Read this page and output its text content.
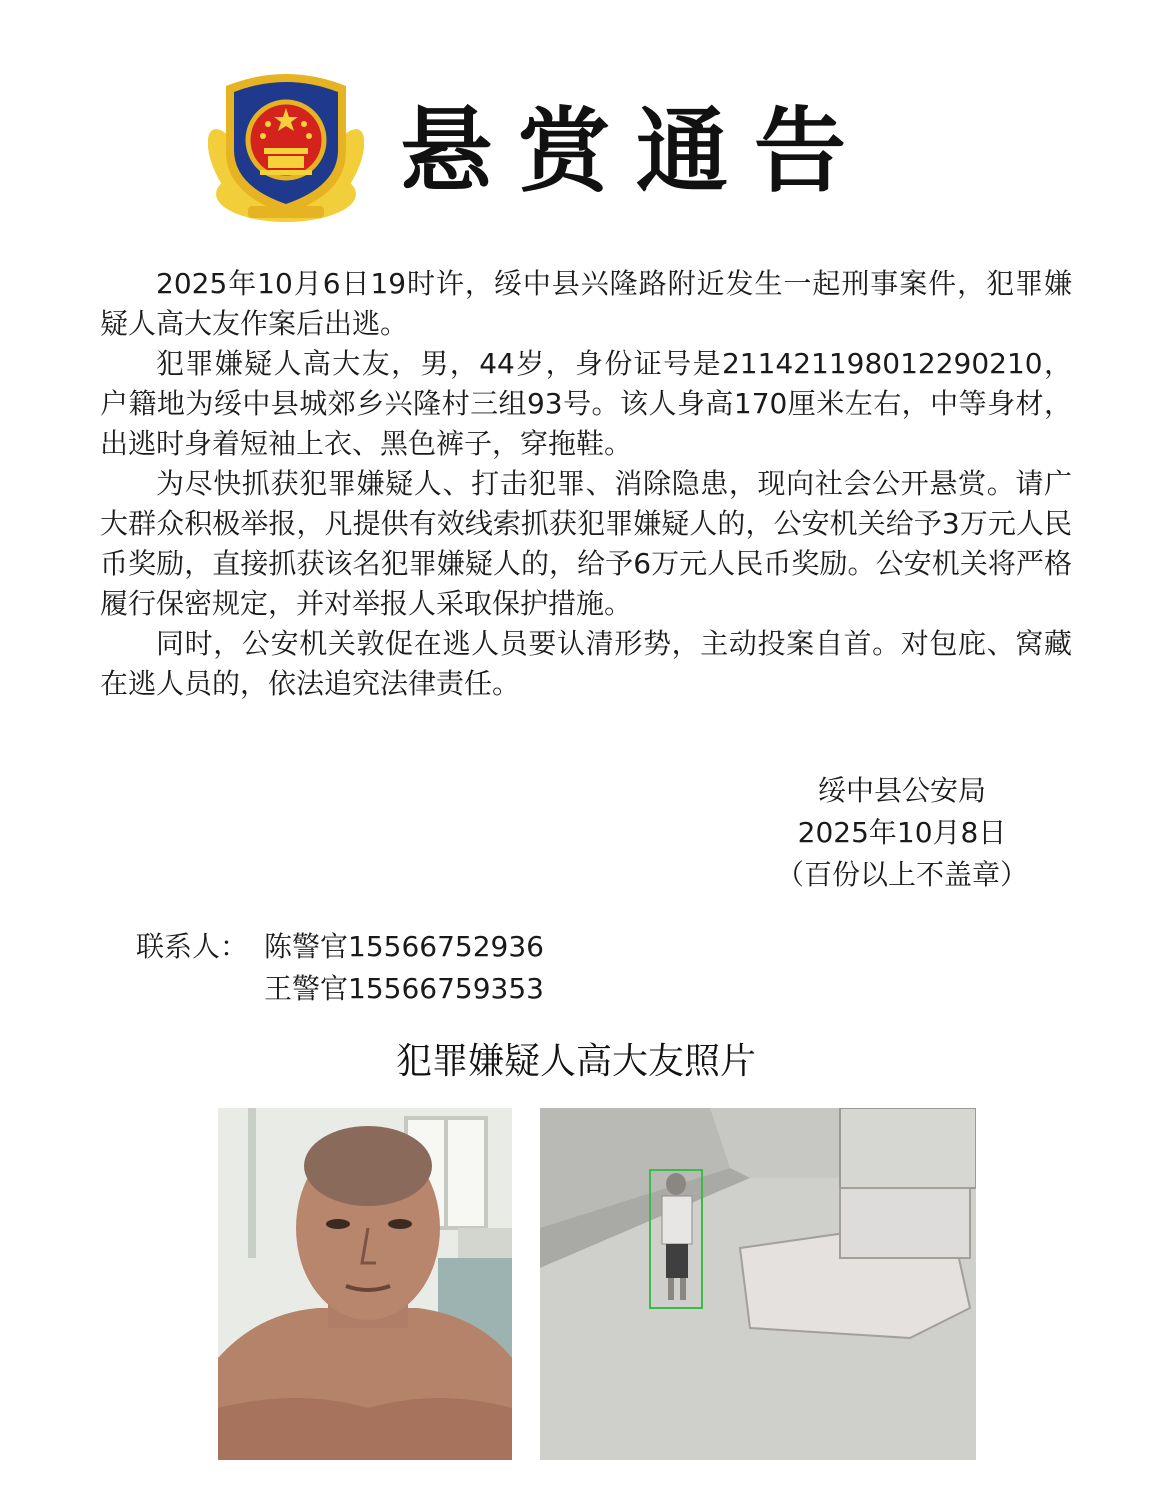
悬赏通告

2025年10月6日19时许，绥中县兴隆路附近发生一起刑事案件，犯罪嫌疑人高大友作案后出逃。

犯罪嫌疑人高大友，男，44岁，身份证号是211421198012290210，户籍地为绥中县城郊乡兴隆村三组93号。该人身高170厘米左右，中等身材，出逃时身着短袖上衣、黑色裤子，穿拖鞋。

为尽快抓获犯罪嫌疑人、打击犯罪、消除隐患，现向社会公开悬赏。请广大群众积极举报，凡提供有效线索抓获犯罪嫌疑人的，公安机关给予3万元人民币奖励，直接抓获该名犯罪嫌疑人的，给予6万元人民币奖励。公安机关将严格履行保密规定，并对举报人采取保护措施。

同时，公安机关敦促在逃人员要认清形势，主动投案自首。对包庇、窝藏在逃人员的，依法追究法律责任。

绥中县公安局
2025年10月8日
（百份以上不盖章）
联系人： 陈警官15566752936
王警官15566759353
犯罪嫌疑人高大友照片
